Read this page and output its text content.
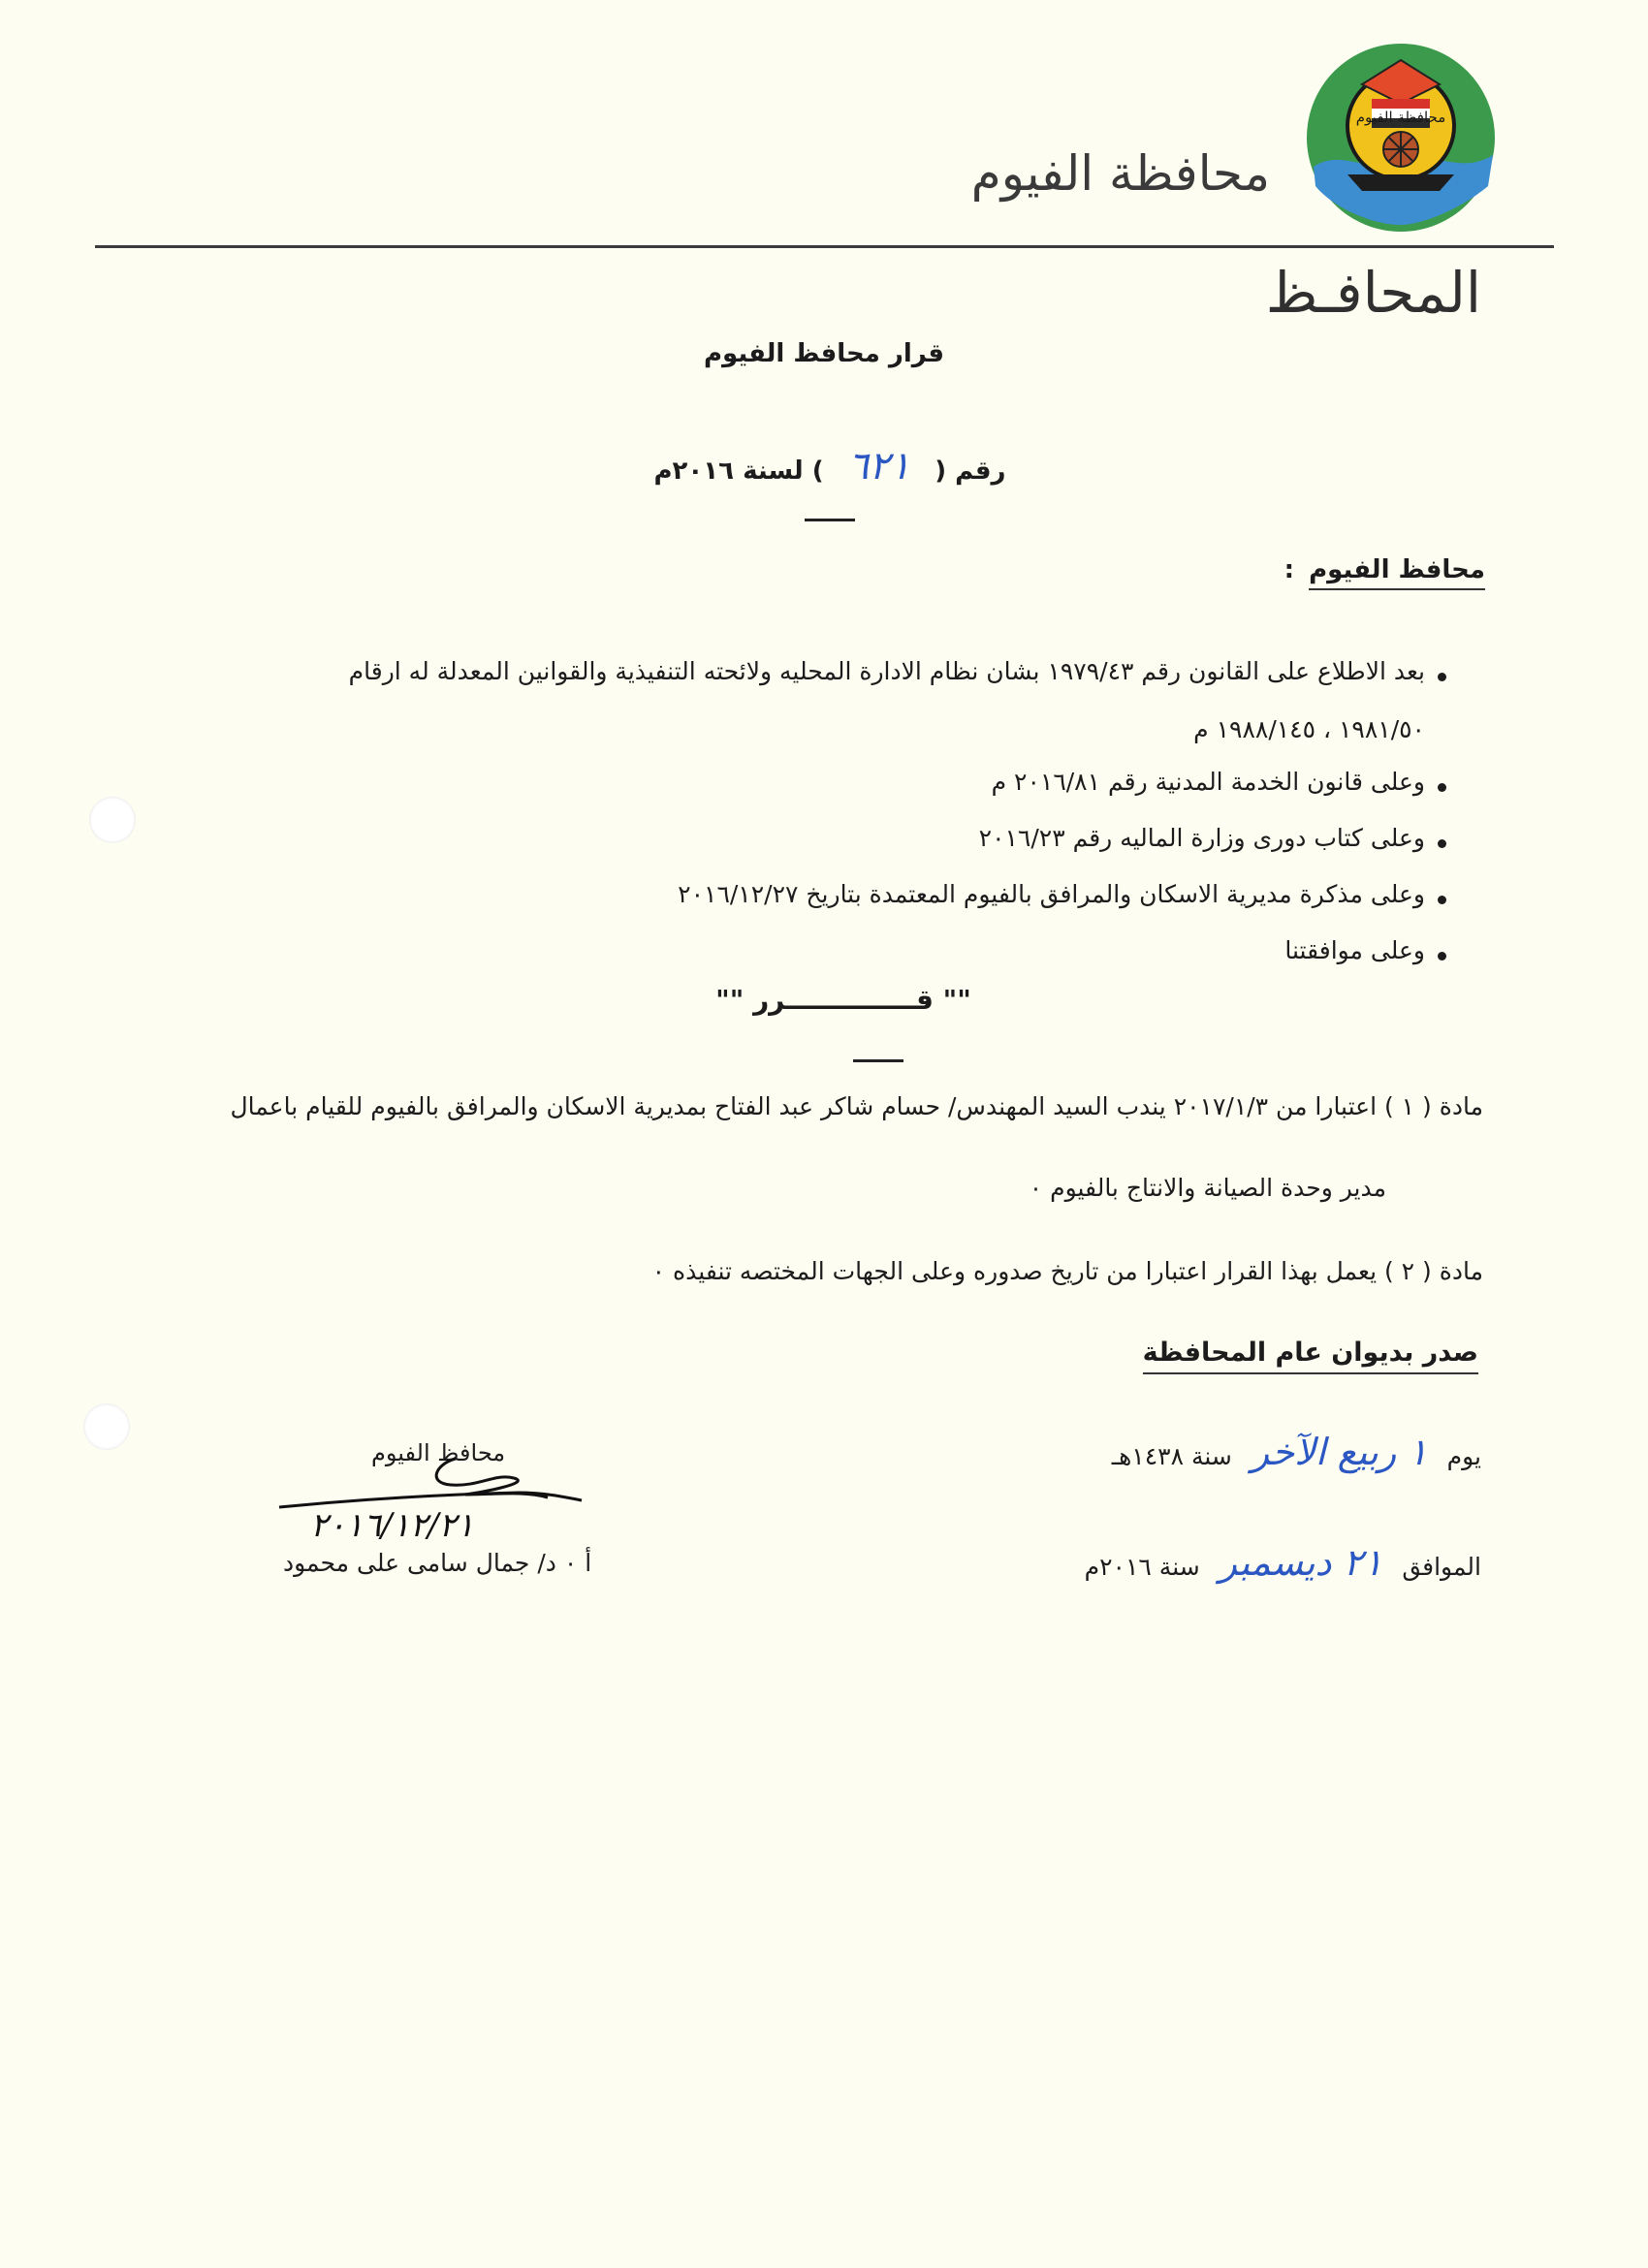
محافظة الفيوم
محافظة الفيوم
المحافـظ
قرار محافظ الفيوم
رقم ( ٦٢١ ) لسنة ٢٠١٦م
محافظ الفيوم :
بعد الاطلاع على القانون رقم ١٩٧٩/٤٣ بشان نظام الادارة المحليه ولائحته التنفيذية والقوانين المعدلة له ارقام
١٩٨١/٥٠ ، ١٩٨٨/١٤٥ م
وعلى قانون الخدمة المدنية رقم ٢٠١٦/٨١ م
وعلى كتاب دورى وزارة الماليه رقم ٢٠١٦/٢٣
وعلى مذكرة مديرية الاسكان والمرافق بالفيوم المعتمدة بتاريخ ٢٠١٦/١٢/٢٧
وعلى موافقتنا
"" قــــــــــــــرر ""
مادة ( ١ ) اعتبارا من ٢٠١٧/١/٣ يندب السيد المهندس/ حسام شاكر عبد الفتاح بمديرية الاسكان والمرافق بالفيوم للقيام باعمال
مدير وحدة الصيانة والانتاج بالفيوم ٠
مادة ( ٢ ) يعمل بهذا القرار اعتبارا من تاريخ صدوره وعلى الجهات المختصه تنفيذه ٠
صدر بديوان عام المحافظة
يوم ١ ربيع الآخر سنة ١٤٣٨هـ
الموافق ٢١ ديسمبر سنة ٢٠١٦م
محافظ الفيوم
٢٠١٦/١٢/٢١
أ ٠ د/ جمال سامى على محمود
